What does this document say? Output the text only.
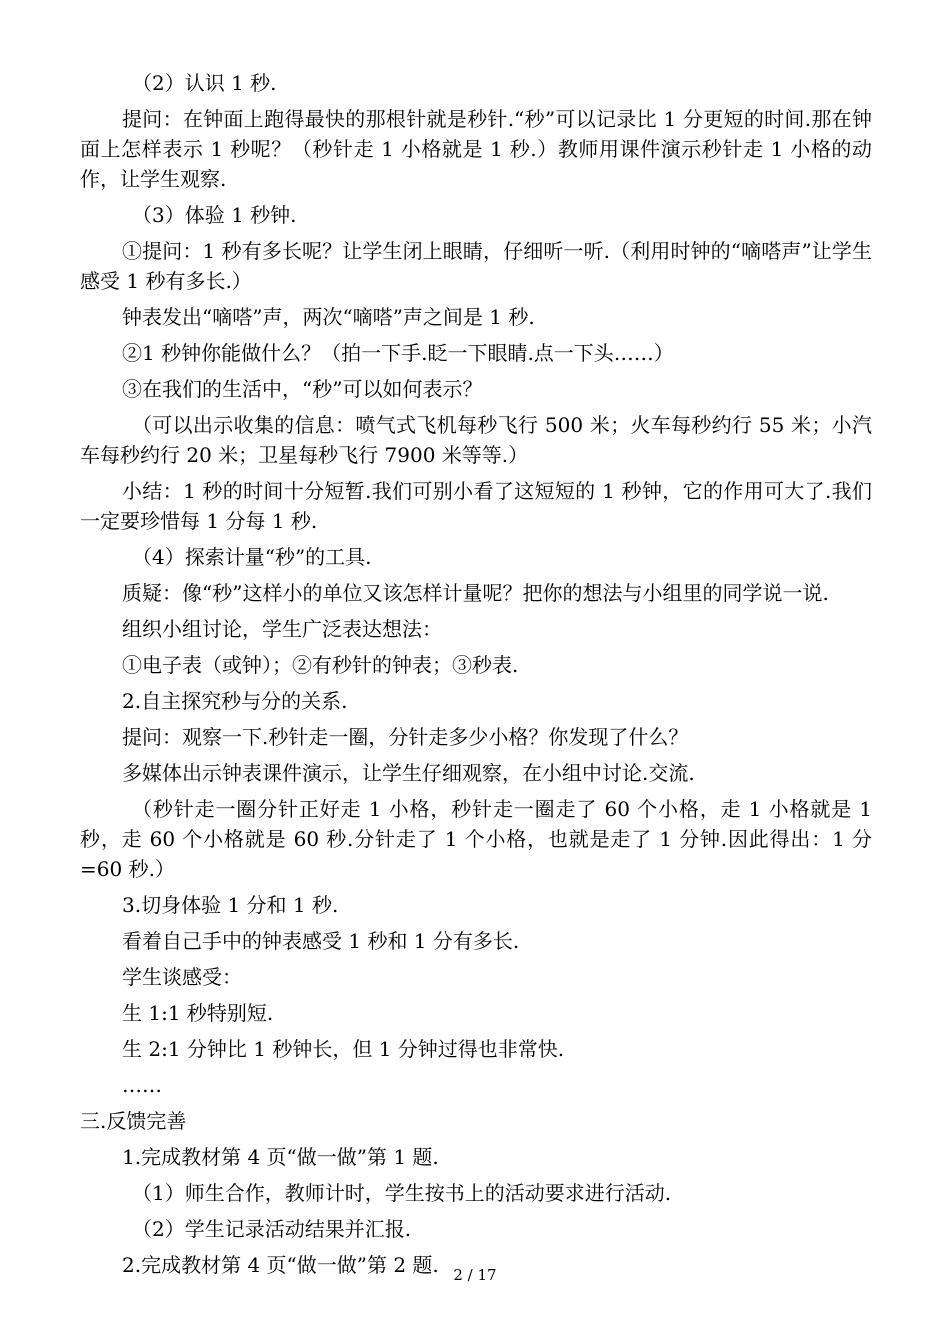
（2）认识 1 秒.

提问：在钟面上跑得最快的那根针就是秒针.“秒”可以记录比 1 分更短的时间.那在钟面上怎样表示 1 秒呢？（秒针走 1 小格就是 1 秒.）教师用课件演示秒针走 1 小格的动作，让学生观察.

（3）体验 1 秒钟.

①提问：1 秒有多长呢？让学生闭上眼睛，仔细听一听.（利用时钟的“嘀嗒声”让学生感受 1 秒有多长.）

钟表发出“嘀嗒”声，两次“嘀嗒”声之间是 1 秒.

②1 秒钟你能做什么？（拍一下手.眨一下眼睛.点一下头……）

③在我们的生活中，“秒”可以如何表示？

（可以出示收集的信息：喷气式飞机每秒飞行 500 米；火车每秒约行 55 米；小汽车每秒约行 20 米；卫星每秒飞行 7900 米等等.）

小结：1 秒的时间十分短暂.我们可别小看了这短短的 1 秒钟，它的作用可大了.我们一定要珍惜每 1 分每 1 秒.

（4）探索计量“秒”的工具.

质疑：像“秒”这样小的单位又该怎样计量呢？把你的想法与小组里的同学说一说.

组织小组讨论，学生广泛表达想法：

①电子表（或钟）；②有秒针的钟表；③秒表.

2.自主探究秒与分的关系.

提问：观察一下.秒针走一圈，分针走多少小格？你发现了什么？

多媒体出示钟表课件演示，让学生仔细观察，在小组中讨论.交流.

（秒针走一圈分针正好走 1 小格，秒针走一圈走了 60 个小格，走 1 小格就是 1 秒，走 60 个小格就是 60 秒.分针走了 1 个小格，也就是走了 1 分钟.因此得出：1 分=60 秒.）

3.切身体验 1 分和 1 秒.

看着自己手中的钟表感受 1 秒和 1 分有多长.

学生谈感受：

生 1:1 秒特别短.

生 2:1 分钟比 1 秒钟长，但 1 分钟过得也非常快.

……

三.反馈完善

1.完成教材第 4 页“做一做”第 1 题.

（1）师生合作，教师计时，学生按书上的活动要求进行活动.

（2）学生记录活动结果并汇报.

2.完成教材第 4 页“做一做”第 2 题. 2 / 17
